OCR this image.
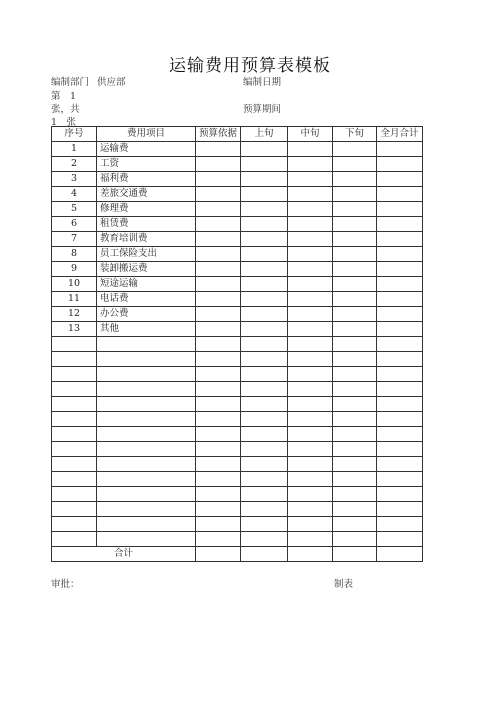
运输费用预算表模板
编制部门 供应部	编制日期
第　1
张，共	预算期间
1　张
序号	费用项目	预算依据	上旬	中旬	下旬	全月合计
1	运输费					
2	工资					
3	福利费					
4	差旅交通费					
5	修理费					
6	租赁费					
7	教育培训费					
8	员工保险支出					
9	装卸搬运费					
10	短途运输					
11	电话费					
12	办公费					
13	其他					

合计						
审批：	制表
